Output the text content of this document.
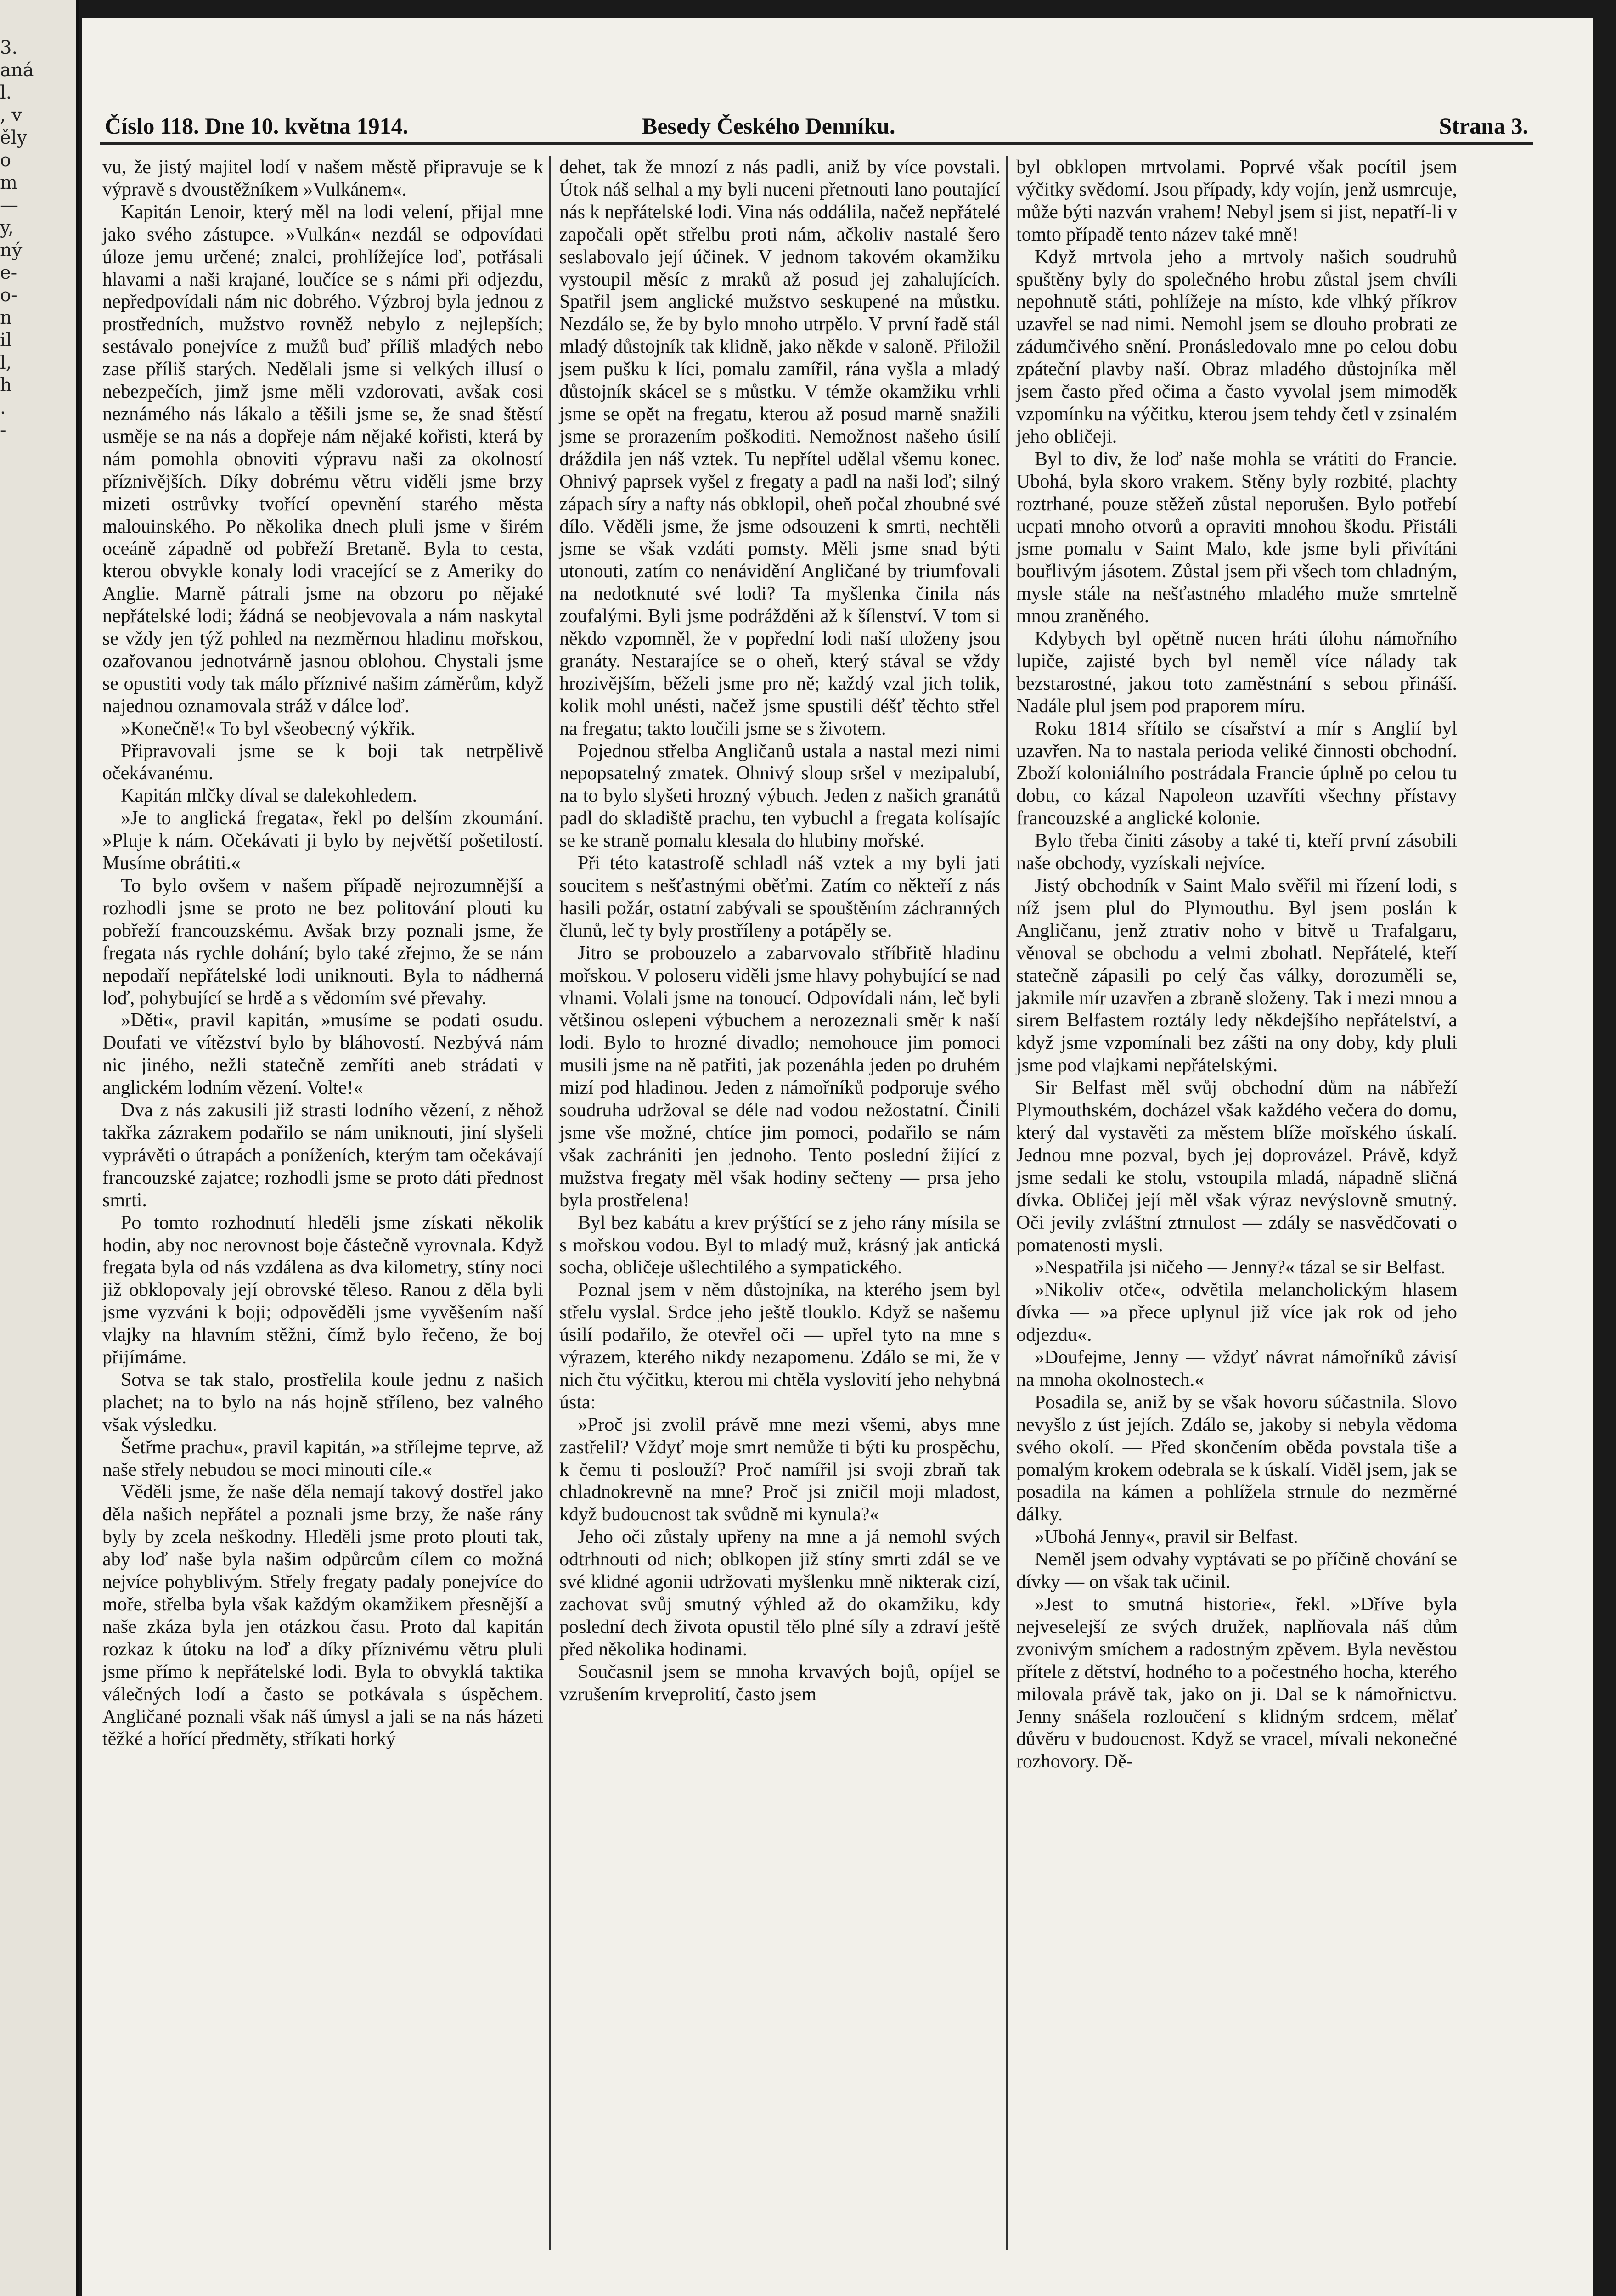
3.
aná
l.
, v
ěly
o
m
—
y,
ný
e-
o-
n
il
l,
h
.
-
Číslo 118. Dne 10. května 1914.	Besedy Českého Denníku.	Strana 3.

vu, že jistý majitel lodí v našem městě připravuje se k výpravě s dvoustěžníkem »Vulkánem«.

Kapitán Lenoir, který měl na lodi velení, přijal mne jako svého zástupce. »Vulkán« nezdál se odpovídati úloze jemu určené; znalci, prohlížejíce loď, potřásali hlavami a naši krajané, loučíce se s námi při odjezdu, nepředpovídali nám nic dobrého. Výzbroj byla jednou z prostředních, mužstvo rovněž nebylo z nejlepších; sestávalo ponejvíce z mužů buď příliš mladých nebo zase příliš starých. Nedělali jsme si velkých illusí o nebezpečích, jimž jsme měli vzdorovati, avšak cosi neznámého nás lákalo a těšili jsme se, že snad štěstí usměje se na nás a dopřeje nám nějaké kořisti, která by nám pomohla obnoviti výpravu naši za okolností příznivějších. Díky dobrému větru viděli jsme brzy mizeti ostrůvky tvořící opevnění starého města malouinského. Po několika dnech pluli jsme v širém oceáně západně od pobřeží Bretaně. Byla to cesta, kterou obvykle konaly lodi vracející se z Ameriky do Anglie. Marně pátrali jsme na obzoru po nějaké nepřátelské lodi; žádná se neobjevovala a nám naskytal se vždy jen týž pohled na nezměrnou hladinu mořskou, ozařovanou jednotvárně jasnou oblohou. Chystali jsme se opustiti vody tak málo příznivé našim záměrům, když najednou oznamovala stráž v dálce loď.

»Konečně!« To byl všeobecný výkřik.

Připravovali jsme se k boji tak netrpělivě očekávanému.

Kapitán mlčky díval se dalekohledem.

»Je to anglická fregata«, řekl po delším zkoumání. »Pluje k nám. Očekávati ji bylo by největší pošetilostí. Musíme obrátiti.«

To bylo ovšem v našem případě nejrozumnější a rozhodli jsme se proto ne bez politování plouti ku pobřeží francouzskému. Avšak brzy poznali jsme, že fregata nás rychle dohání; bylo také zřejmo, že se nám nepodaří nepřátelské lodi uniknouti. Byla to nádherná loď, pohybující se hrdě a s vědomím své převahy.

»Děti«, pravil kapitán, »musíme se podati osudu. Doufati ve vítězství bylo by bláhovostí. Nezbývá nám nic jiného, nežli statečně zemříti aneb strádati v anglickém lodním vězení. Volte!«

Dva z nás zakusili již strasti lodního vězení, z něhož takřka zázrakem podařilo se nám uniknouti, jiní slyšeli vyprávěti o útrapách a poníženích, kterým tam očekávají francouzské zajatce; rozhodli jsme se proto dáti přednost smrti.

Po tomto rozhodnutí hleděli jsme získati několik hodin, aby noc nerovnost boje částečně vyrovnala. Když fregata byla od nás vzdálena as dva kilometry, stíny noci již obklopovaly její obrovské těleso. Ranou z děla byli jsme vyzváni k boji; odpověděli jsme vyvěšením naší vlajky na hlavním stěžni, čímž bylo řečeno, že boj přijímáme.

Sotva se tak stalo, prostřelila koule jednu z našich plachet; na to bylo na nás hojně stříleno, bez valného však výsledku.

Šetřme prachu«, pravil kapitán, »a střílejme teprve, až naše střely nebudou se moci minouti cíle.«

Věděli jsme, že naše děla nemají takový dostřel jako děla našich nepřátel a poznali jsme brzy, že naše rány byly by zcela neškodny. Hleděli jsme proto plouti tak, aby loď naše byla našim odpůrcům cílem co možná nejvíce pohyblivým. Střely fregaty padaly ponejvíce do moře, střelba byla však každým okamžikem přesnější a naše zkáza byla jen otázkou času. Proto dal kapitán rozkaz k útoku na loď a díky příznivému větru pluli jsme přímo k nepřátelské lodi. Byla to obvyklá taktika válečných lodí a často se potkávala s úspěchem. Angličané poznali však náš úmysl a jali se na nás házeti těžké a hořící předměty, stříkati horký

dehet, tak že mnozí z nás padli, aniž by více povstali. Útok náš selhal a my byli nuceni přetnouti lano poutající nás k nepřátelské lodi. Vina nás oddálila, načež nepřátelé započali opět střelbu proti nám, ačkoliv nastalé šero seslabovalo její účinek. V jednom takovém okamžiku vystoupil měsíc z mraků až posud jej zahalujících. Spatřil jsem anglické mužstvo seskupené na můstku. Nezdálo se, že by bylo mnoho utrpělo. V první řadě stál mladý důstojník tak klidně, jako někde v saloně. Přiložil jsem pušku k líci, pomalu zamířil, rána vyšla a mladý důstojník skácel se s můstku. V témže okamžiku vrhli jsme se opět na fregatu, kterou až posud marně snažili jsme se prorazením poškoditi. Nemožnost našeho úsilí dráždila jen náš vztek. Tu nepřítel udělal všemu konec. Ohnivý paprsek vyšel z fregaty a padl na naši loď; silný zápach síry a nafty nás obklopil, oheň počal zhoubné své dílo. Věděli jsme, že jsme odsouzeni k smrti, nechtěli jsme se však vzdáti pomsty. Měli jsme snad býti utonouti, zatím co nenávidění Angličané by triumfovali na nedotknuté své lodi? Ta myšlenka činila nás zoufalými. Byli jsme podrážděni až k šílenství. V tom si někdo vzpomněl, že v popřední lodi naší uloženy jsou granáty. Nestarajíce se o oheň, který stával se vždy hrozivějším, běželi jsme pro ně; každý vzal jich tolik, kolik mohl unésti, načež jsme spustili déšť těchto střel na fregatu; takto loučili jsme se s životem.

Pojednou střelba Angličanů ustala a nastal mezi nimi nepopsatelný zmatek. Ohnivý sloup sršel v mezipalubí, na to bylo slyšeti hrozný výbuch. Jeden z našich granátů padl do skladiště prachu, ten vybuchl a fregata kolísajíc se ke straně pomalu klesala do hlubiny mořské.

Při této katastrofě schladl náš vztek a my byli jati soucitem s nešťastnými oběťmi. Zatím co někteří z nás hasili požár, ostatní zabývali se spouštěním záchranných člunů, leč ty byly prostříleny a potápěly se.

Jitro se probouzelo a zabarvovalo stříbřitě hladinu mořskou. V poloseru viděli jsme hlavy pohybující se nad vlnami. Volali jsme na tonoucí. Odpovídali nám, leč byli většinou oslepeni výbuchem a nerozeznali směr k naší lodi. Bylo to hrozné divadlo; nemohouce jim pomoci musili jsme na ně patřiti, jak pozenáhla jeden po druhém mizí pod hladinou. Jeden z námořníků podporuje svého soudruha udržoval se déle nad vodou nežostatní. Činili jsme vše možné, chtíce jim pomoci, podařilo se nám však zachrániti jen jednoho. Tento poslední žijící z mužstva fregaty měl však hodiny sečteny — prsa jeho byla prostřelena!

Byl bez kabátu a krev prýštící se z jeho rány mísila se s mořskou vodou. Byl to mladý muž, krásný jak antická socha, obličeje ušlechtilého a sympatického.

Poznal jsem v něm důstojníka, na kterého jsem byl střelu vyslal. Srdce jeho ještě tlouklo. Když se našemu úsilí podařilo, že otevřel oči — upřel tyto na mne s výrazem, kterého nikdy nezapomenu. Zdálo se mi, že v nich čtu výčitku, kterou mi chtěla vyslovití jeho nehybná ústa:

»Proč jsi zvolil právě mne mezi všemi, abys mne zastřelil? Vždyť moje smrt nemůže ti býti ku prospěchu, k čemu ti poslouží? Proč namířil jsi svoji zbraň tak chladnokrevně na mne? Proč jsi zničil moji mladost, když budoucnost tak svůdně mi kynula?«

Jeho oči zůstaly upřeny na mne a já nemohl svých odtrhnouti od nich; oblkopen již stíny smrti zdál se ve své klidné agonii udržovati myšlenku mně nikterak cizí, zachovat svůj smutný výhled až do okamžiku, kdy poslední dech života opustil tělo plné síly a zdraví ještě před několika hodinami.

Současnil jsem se mnoha krvavých bojů, opíjel se vzrušením krveprolití, často jsem

byl obklopen mrtvolami. Poprvé však pocítil jsem výčitky svědomí. Jsou případy, kdy vojín, jenž usmrcuje, může býti nazván vrahem! Nebyl jsem si jist, nepatří-li v tomto případě tento název také mně!

Když mrtvola jeho a mrtvoly našich soudruhů spuštěny byly do společného hrobu zůstal jsem chvíli nepohnutě státi, pohlížeje na místo, kde vlhký příkrov uzavřel se nad nimi. Nemohl jsem se dlouho probrati ze zádumčivého snění. Pronásledovalo mne po celou dobu zpáteční plavby naší. Obraz mladého důstojníka měl jsem často před očima a často vyvolal jsem mimoděk vzpomínku na výčitku, kterou jsem tehdy četl v zsinalém jeho obličeji.

Byl to div, že loď naše mohla se vrátiti do Francie. Ubohá, byla skoro vrakem. Stěny byly rozbité, plachty roztrhané, pouze stěžeň zůstal neporušen. Bylo potřebí ucpati mnoho otvorů a opraviti mnohou škodu. Přistáli jsme pomalu v Saint Malo, kde jsme byli přivítáni bouřlivým jásotem. Zůstal jsem při všech tom chladným, mysle stále na nešťastného mladého muže smrtelně mnou zraněného.

Kdybych byl opětně nucen hráti úlohu námořního lupiče, zajisté bych byl neměl více nálady tak bezstarostné, jakou toto zaměstnání s sebou přináší. Nadále plul jsem pod praporem míru.

Roku 1814 sřítilo se císařství a mír s Anglií byl uzavřen. Na to nastala perioda veliké činnosti obchodní. Zboží koloniálního postrádala Francie úplně po celou tu dobu, co kázal Napoleon uzavříti všechny přístavy francouzské a anglické kolonie.

Bylo třeba činiti zásoby a také ti, kteří první zásobili naše obchody, vyzískali nejvíce.

Jistý obchodník v Saint Malo svěřil mi řízení lodi, s níž jsem plul do Plymouthu. Byl jsem poslán k Angličanu, jenž ztrativ noho v bitvě u Trafalgaru, věnoval se obchodu a velmi zbohatl. Nepřátelé, kteří statečně zápasili po celý čas války, dorozuměli se, jakmile mír uzavřen a zbraně složeny. Tak i mezi mnou a sirem Belfastem roztály ledy někdejšího nepřátelství, a když jsme vzpomínali bez zášti na ony doby, kdy pluli jsme pod vlajkami nepřátelskými.

Sir Belfast měl svůj obchodní dům na nábřeží Plymouthském, docházel však každého večera do domu, který dal vystavěti za městem blíže mořského úskalí. Jednou mne pozval, bych jej doprovázel. Právě, když jsme sedali ke stolu, vstoupila mladá, nápadně sličná dívka. Obličej její měl však výraz nevýslovně smutný. Oči jevily zvláštní ztrnulost — zdály se nasvědčovati o pomatenosti mysli.

»Nespatřila jsi ničeho — Jenny?« tázal se sir Belfast.

»Nikoliv otče«, odvětila melancholickým hlasem dívka — »a přece uplynul již více jak rok od jeho odjezdu«.

»Doufejme, Jenny — vždyť návrat námořníků závisí na mnoha okolnostech.«

Posadila se, aniž by se však hovoru súčastnila. Slovo nevyšlo z úst jejích. Zdálo se, jakoby si nebyla vědoma svého okolí. — Před skončením oběda povstala tiše a pomalým krokem odebrala se k úskalí. Viděl jsem, jak se posadila na kámen a pohlížela strnule do nezměrné dálky.

»Ubohá Jenny«, pravil sir Belfast.

Neměl jsem odvahy vyptávati se po příčině chování se dívky — on však tak učinil.

»Jest to smutná historie«, řekl. »Dříve byla nejveselejší ze svých družek, naplňovala náš dům zvonivým smíchem a radostným zpěvem. Byla nevěstou přítele z dětství, hodného to a počestného hocha, kterého milovala právě tak, jako on ji. Dal se k námořnictvu. Jenny snášela rozloučení s klidným srdcem, mělať důvěru v budoucnost. Když se vracel, mívali nekonečné rozhovory. Dě-
